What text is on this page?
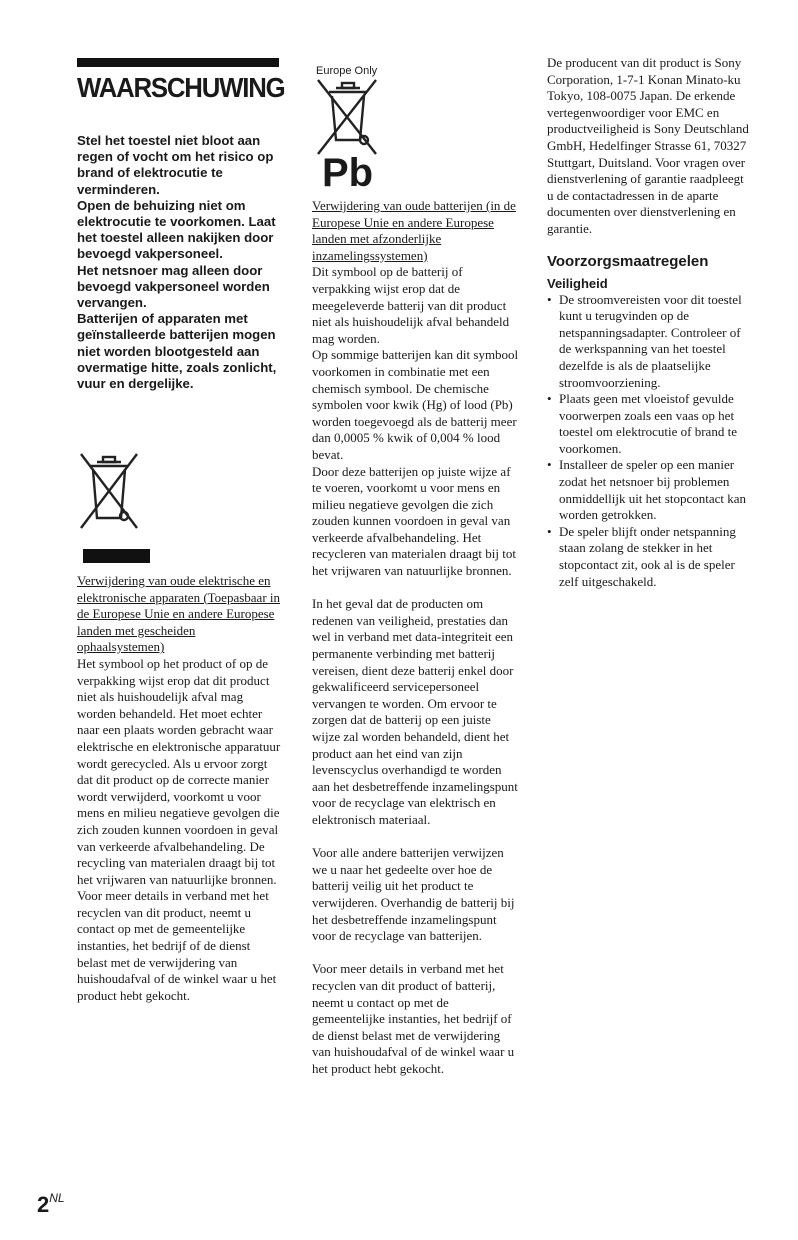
WAARSCHUWING

Stel het toestel niet bloot aan regen of vocht om het risico op brand of elektrocutie te verminderen.

Open de behuizing niet om elektrocutie te voorkomen. Laat het toestel alleen nakijken door bevoegd vakpersoneel.

Het netsnoer mag alleen door bevoegd vakpersoneel worden vervangen.

Batterijen of apparaten met geïnstalleerde batterijen mogen niet worden blootgesteld aan overmatige hitte, zoals zonlicht, vuur en dergelijke.

Verwijdering van oude elektrische en elektronische apparaten (Toepasbaar in de Europese Unie en andere Europese landen met gescheiden ophaalsystemen)

Het symbool op het product of op de verpakking wijst erop dat dit product niet als huishoudelijk afval mag worden behandeld. Het moet echter naar een plaats worden gebracht waar elektrische en elektronische apparatuur wordt gerecycled. Als u ervoor zorgt dat dit product op de correcte manier wordt verwijderd, voorkomt u voor mens en milieu negatieve gevolgen die zich zouden kunnen voordoen in geval van verkeerde afvalbehandeling. De recycling van materialen draagt bij tot het vrijwaren van natuurlijke bronnen. Voor meer details in verband met het recyclen van dit product, neemt u contact op met de gemeentelijke instanties, het bedrijf of de dienst belast met de verwijdering van huishoudafval of de winkel waar u het product hebt gekocht.

Europe Only
Pb

Verwijdering van oude batterijen (in de Europese Unie en andere Europese landen met afzonderlijke inzamelingssystemen)

Dit symbool op de batterij of verpakking wijst erop dat de meegeleverde batterij van dit product niet als huishoudelijk afval behandeld mag worden.

Op sommige batterijen kan dit symbool voorkomen in combinatie met een chemisch symbool. De chemische symbolen voor kwik (Hg) of lood (Pb) worden toegevoegd als de batterij meer dan 0,0005 % kwik of 0,004 % lood bevat.

Door deze batterijen op juiste wijze af te voeren, voorkomt u voor mens en milieu negatieve gevolgen die zich zouden kunnen voordoen in geval van verkeerde afvalbehandeling. Het recycleren van materialen draagt bij tot het vrijwaren van natuurlijke bronnen.

In het geval dat de producten om redenen van veiligheid, prestaties dan wel in verband met data-integriteit een permanente verbinding met batterij vereisen, dient deze batterij enkel door gekwalificeerd servicepersoneel vervangen te worden. Om ervoor te zorgen dat de batterij op een juiste wijze zal worden behandeld, dient het product aan het eind van zijn levenscyclus overhandigd te worden aan het desbetreffende inzamelingspunt voor de recyclage van elektrisch en elektronisch materiaal.

Voor alle andere batterijen verwijzen we u naar het gedeelte over hoe de batterij veilig uit het product te verwijderen. Overhandig de batterij bij het desbetreffende inzamelingspunt voor de recyclage van batterijen.

Voor meer details in verband met het recyclen van dit product of batterij, neemt u contact op met de gemeentelijke instanties, het bedrijf of de dienst belast met de verwijdering van huishoudafval of de winkel waar u het product hebt gekocht.

De producent van dit product is Sony Corporation, 1-7-1 Konan Minato-ku Tokyo, 108-0075 Japan. De erkende vertegenwoordiger voor EMC en productveiligheid is Sony Deutschland GmbH, Hedelfinger Strasse 61, 70327 Stuttgart, Duitsland. Voor vragen over dienstverlening of garantie raadpleegt u de contactadressen in de aparte documenten over dienstverlening en garantie.

Voorzorgsmaatregelen
Veiligheid
• De stroomvereisten voor dit toestel kunt u terugvinden op de netspanningsadapter. Controleer of de werkspanning van het toestel dezelfde is als de plaatselijke stroomvoorziening.
• Plaats geen met vloeistof gevulde voorwerpen zoals een vaas op het toestel om elektrocutie of brand te voorkomen.
• Installeer de speler op een manier zodat het netsnoer bij problemen onmiddellijk uit het stopcontact kan worden getrokken.
• De speler blijft onder netspanning staan zolang de stekker in het stopcontact zit, ook al is de speler zelf uitgeschakeld.
$2^{NL}$
